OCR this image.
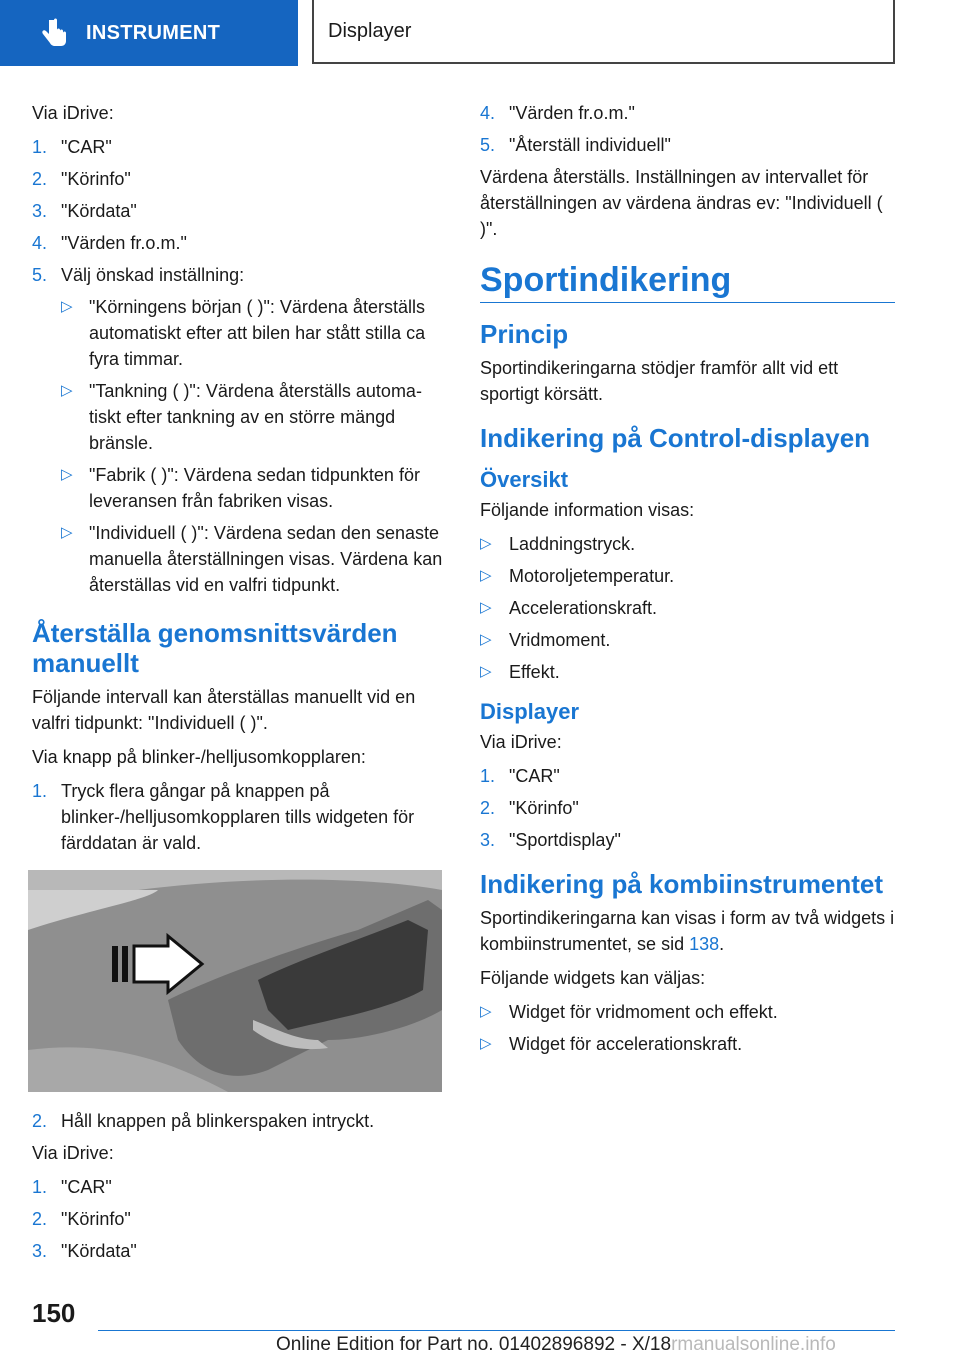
INSTRUMENT	Displayer

Via iDrive:

1. "CAR"
2. "Körinfo"
3. "Kördata"
4. "Värden fr.o.m."
5. Välj önskad inställning:
▷ "Körningens början ( )": Värdena återställs automatiskt efter att bilen har stått stilla ca fyra timmar.
▷ "Tankning ( )": Värdena återställs automatiskt efter tankning av en större mängd bränsle.
▷ "Fabrik ( )": Värdena sedan tidpunkten för leveransen från fabriken visas.
▷ "Individuell ( )": Värdena sedan den senaste manuella återställningen visas. Värdena kan återställas vid en valfri tidpunkt.
Återställa genomsnittsvärden manuellt

Följande intervall kan återställas manuellt vid en valfri tidpunkt: "Individuell ( )".

Via knapp på blinker-/helljusomkopplaren:

1. Tryck flera gångar på knappen på blinker-/helljusomkopplaren tills widgeten för färddatan är vald.
2. Håll knappen på blinkerspaken intryckt.

Via iDrive:

1. "CAR"
2. "Körinfo"
3. "Kördata"
4. "Värden fr.o.m."
5. "Återställ individuell"

Värdena återställs. Inställningen av intervallet för återställningen av värdena ändras ev: "Individuell ( )".

Sportindikering
Princip

Sportindikeringarna stödjer framför allt vid ett sportigt körsätt.

Indikering på Control-displayen
Översikt

Följande information visas:

▷ Laddningstryck.
▷ Motoroljetemperatur.
▷ Accelerationskraft.
▷ Vridmoment.
▷ Effekt.
Displayer

Via iDrive:

1. "CAR"
2. "Körinfo"
3. "Sportdisplay"
Indikering på kombiinstrumentet

Sportindikeringarna kan visas i form av två widgets i kombiinstrumentet, se sid 138.

Följande widgets kan väljas:

▷ Widget för vridmoment och effekt.
▷ Widget för accelerationskraft.
150
Online Edition for Part no. 01402896892 - X/18rmanualsonline.info
